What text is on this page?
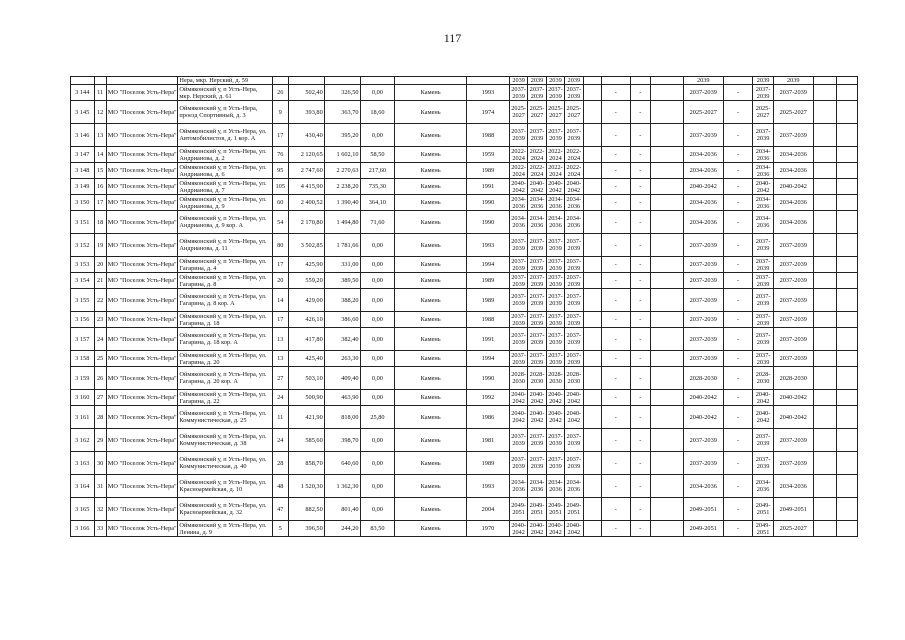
117
			Нера, мкр. Нерский, д. 59							2039	2039	2039	2039					2039		2039	2039		
3 144	11	МО "Поселок Усть-Нера"	Оймяконский у, п Усть-Нера, мкр. Нерский, д. 61	26	502,40	326,50	0,00	Камень	1993	2037-2039	2037-2039	2037-2039	2037-2039		-	-		2037-2039	-	2037-2039	2037-2039		
3 145	12	МО "Поселок Усть-Нера"	Оймяконский у, п Усть-Нера, проезд Спортивный, д. 3	9	393,80	363,70	18,60	Камень	1974	2025-2027	2025-2027	2025-2027	2025-2027		-	-		2025-2027	-	2025-2027	2025-2027		
3 146	13	МО "Поселок Усть-Нера"	Оймяконский у, п Усть-Нера, ул. Автомобилистов, д. 1 кор. А	17	430,40	395,20	0,00	Камень	1988	2037-2039	2037-2039	2037-2039	2037-2039		-	-		2037-2039	-	2037-2039	2037-2039		
3 147	14	МО "Поселок Усть-Нера"	Оймяконский у, п Усть-Нера, ул. Андрианова, д. 2	76	2 120,65	1 602,10	58,50	Камень	1959	2022-2024	2022-2024	2022-2024	2022-2024		-	-		2034-2036	-	2034-2036	2034-2036		
3 148	15	МО "Поселок Усть-Нера"	Оймяконский у, п Усть-Нера, ул. Андрианова, д. 6	95	2 747,60	2 270,63	217,60	Камень	1989	2022-2024	2022-2024	2022-2024	2022-2024		-	-		2034-2036	-	2034-2036	2034-2036		
3 149	16	МО "Поселок Усть-Нера"	Оймяконский у, п Усть-Нера, ул. Андрианова, д. 7	105	4 415,90	2 238,20	735,30	Камень	1991	2040-2042	2040-2042	2040-2042	2040-2042		-	-		2040-2042	-	2040-2042	2040-2042		
3 150	17	МО "Поселок Усть-Нера"	Оймяконский у, п Усть-Нера, ул. Андрианова, д. 9	60	2 400,52	1 390,40	364,10	Камень	1990	2034-2036	2034-2036	2034-2036	2034-2036		-	-		2034-2036	-	2034-2036	2034-2036		
3 151	18	МО "Поселок Усть-Нера"	Оймяконский у, п Усть-Нера, ул. Андрианова, д. 9 кор. А	54	2 170,80	1 494,80	71,60	Камень	1990	2034-2036	2034-2036	2034-2036	2034-2036		-	-		2034-2036	-	2034-2036	2034-2036		
3 152	19	МО "Поселок Усть-Нера"	Оймяконский у, п Усть-Нера, ул. Андрианова, д. 11	80	3 502,85	1 781,66	0,00	Камень	1993	2037-2039	2037-2039	2037-2039	2037-2039		-	-		2037-2039	-	2037-2039	2037-2039		
3 153	20	МО "Поселок Усть-Нера"	Оймяконский у, п Усть-Нера, ул. Гагарина, д. 4	17	425,90	331,00	0,00	Камень	1994	2037-2039	2037-2039	2037-2039	2037-2039		-	-		2037-2039	-	2037-2039	2037-2039		
3 154	21	МО "Поселок Усть-Нера"	Оймяконский у, п Усть-Нера, ул. Гагарина, д. 8	20	559,20	389,50	0,00	Камень	1989	2037-2039	2037-2039	2037-2039	2037-2039		-	-		2037-2039	-	2037-2039	2037-2039		
3 155	22	МО "Поселок Усть-Нера"	Оймяконский у, п Усть-Нера, ул. Гагарина, д. 8 кор. А	14	429,00	388,20	0,00	Камень	1989	2037-2039	2037-2039	2037-2039	2037-2039		-	-		2037-2039	-	2037-2039	2037-2039		
3 156	23	МО "Поселок Усть-Нера"	Оймяконский у, п Усть-Нера, ул. Гагарина, д. 18	17	426,10	386,60	0,00	Камень	1988	2037-2039	2037-2039	2037-2039	2037-2039		-	-		2037-2039	-	2037-2039	2037-2039		
3 157	24	МО "Поселок Усть-Нера"	Оймяконский у, п Усть-Нера, ул. Гагарина, д. 18 кор. А	13	417,80	382,40	0,00	Камень	1991	2037-2039	2037-2039	2037-2039	2037-2039		-	-		2037-2039	-	2037-2039	2037-2039		
3 158	25	МО "Поселок Усть-Нера"	Оймяконский у, п Усть-Нера, ул. Гагарина, д. 20	13	425,40	263,30	0,00	Камень	1994	2037-2039	2037-2039	2037-2039	2037-2039		-	-		2037-2039	-	2037-2039	2037-2039		
3 159	26	МО "Поселок Усть-Нера"	Оймяконский у, п Усть-Нера, ул. Гагарина, д. 20 кор. А	27	503,10	409,40	0,00	Камень	1990	2028-2030	2028-2030	2028-2030	2028-2030		-	-		2028-2030	-	2028-2030	2028-2030		
3 160	27	МО "Поселок Усть-Нера"	Оймяконский у, п Усть-Нера, ул. Гагарина, д. 22	24	500,90	463,90	0,00	Камень	1992	2040-2042	2040-2042	2040-2042	2040-2042		-	-		2040-2042	-	2040-2042	2040-2042		
3 161	28	МО "Поселок Усть-Нера"	Оймяконский у, п Усть-Нера, ул. Коммунистическая, д. 25	11	421,90	818,00	25,80	Камень	1986	2040-2042	2040-2042	2040-2042	2040-2042		-	-		2040-2042	-	2040-2042	2040-2042		
3 162	29	МО "Поселок Усть-Нера"	Оймяконский у, п Усть-Нера, ул. Коммунистическая, д. 38	24	585,60	398,70	0,00	Камень	1981	2037-2039	2037-2039	2037-2039	2037-2039		-	-		2037-2039	-	2037-2039	2037-2039		
3 163	30	МО "Поселок Усть-Нера"	Оймяконский у, п Усть-Нера, ул. Коммунистическая, д. 40	28	858,70	640,60	0,00	Камень	1989	2037-2039	2037-2039	2037-2039	2037-2039		-	-		2037-2039	-	2037-2039	2037-2039		
3 164	31	МО "Поселок Усть-Нера"	Оймяконский у, п Усть-Нера, ул. Красноармейская, д. 10	48	1 520,30	1 362,30	0,00	Камень	1993	2034-2036	2034-2036	2034-2036	2034-2036		-	-		2034-2036	-	2034-2036	2034-2036		
3 165	32	МО "Поселок Усть-Нера"	Оймяконский у, п Усть-Нера, ул. Красноармейская, д. 32	47	882,50	801,40	0,00	Камень	2004	2049-2051	2049-2051	2049-2051	2049-2051		-	-		2049-2051	-	2049-2051	2049-2051		
3 166	33	МО "Поселок Усть-Нера"	Оймяконский у, п Усть-Нера, ул. Ленина, д. 9	5	396,50	244,20	83,50	Камень	1970	2040-2042	2040-2042	2040-2042	2040-2042		-	-		2049-2051	-	2049-2051	2025-2027		
